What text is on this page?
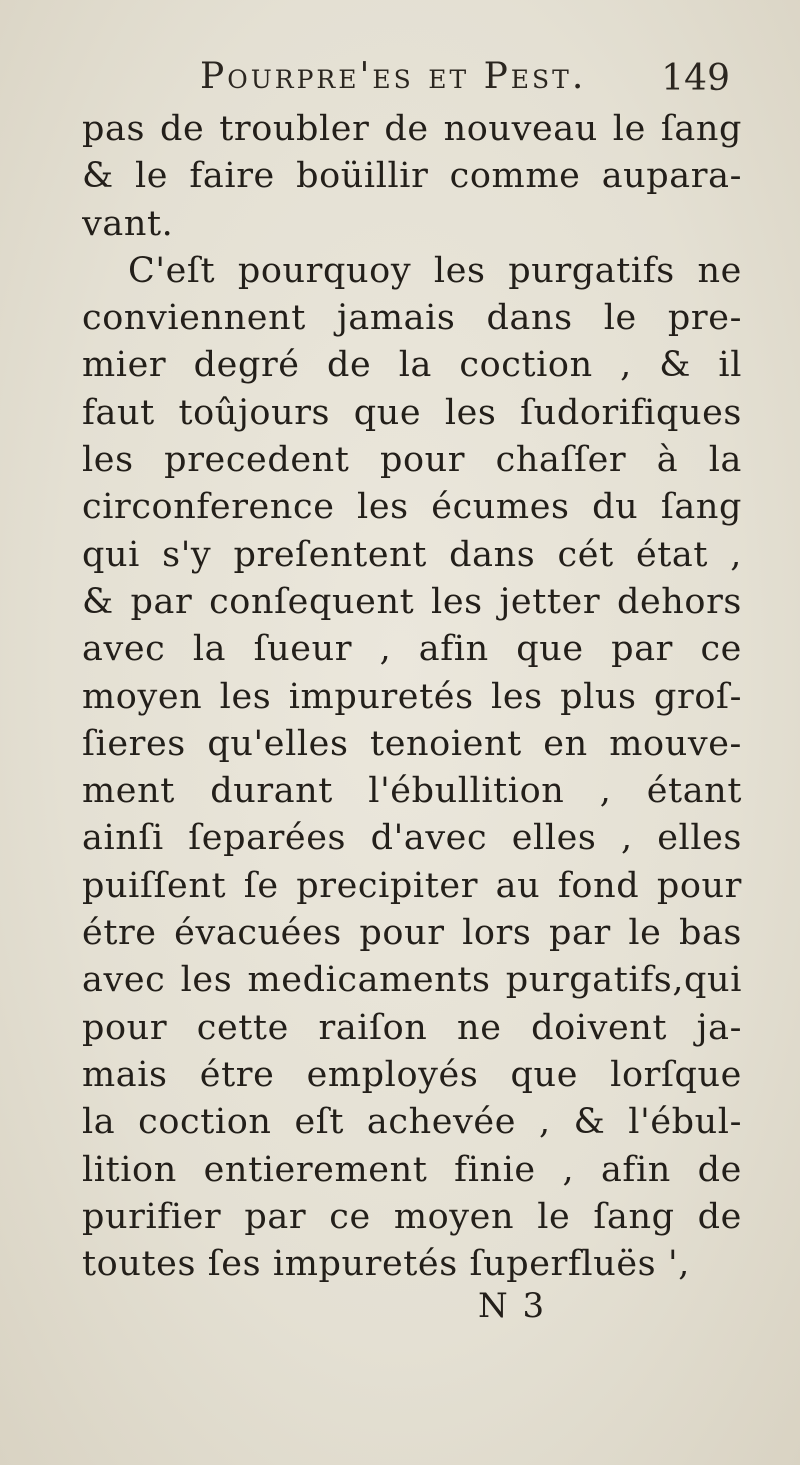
Pourpre'es et Pest. 149
pas de troubler de nouveau le ſang
& le faire boüillir comme aupara-
vant.
C'eſt pourquoy les purgatifs ne
conviennent jamais dans le pre-
mier degré de la coction , & il
faut toûjours que les ſudorifiques
les precedent pour chaſſer à la
circonference les écumes du ſang
qui s'y preſentent dans cét état ,
& par conſequent les jetter dehors
avec la ſueur , afin que par ce
moyen les impuretés les plus groſ-
ſieres qu'elles tenoient en mouve-
ment durant l'ébullition , étant
ainſi ſeparées d'avec elles , elles
puiſſent ſe precipiter au fond pour
étre évacuées pour lors par le bas
avec les medicaments purgatifs,qui
pour cette raiſon ne doivent ja-
mais étre employés que lorſque
la coction eſt achevée , & l'ébul-
lition entierement finie , afin de
purifier par ce moyen le ſang de
toutes ſes impuretés ſuperfluës ',
N 3
